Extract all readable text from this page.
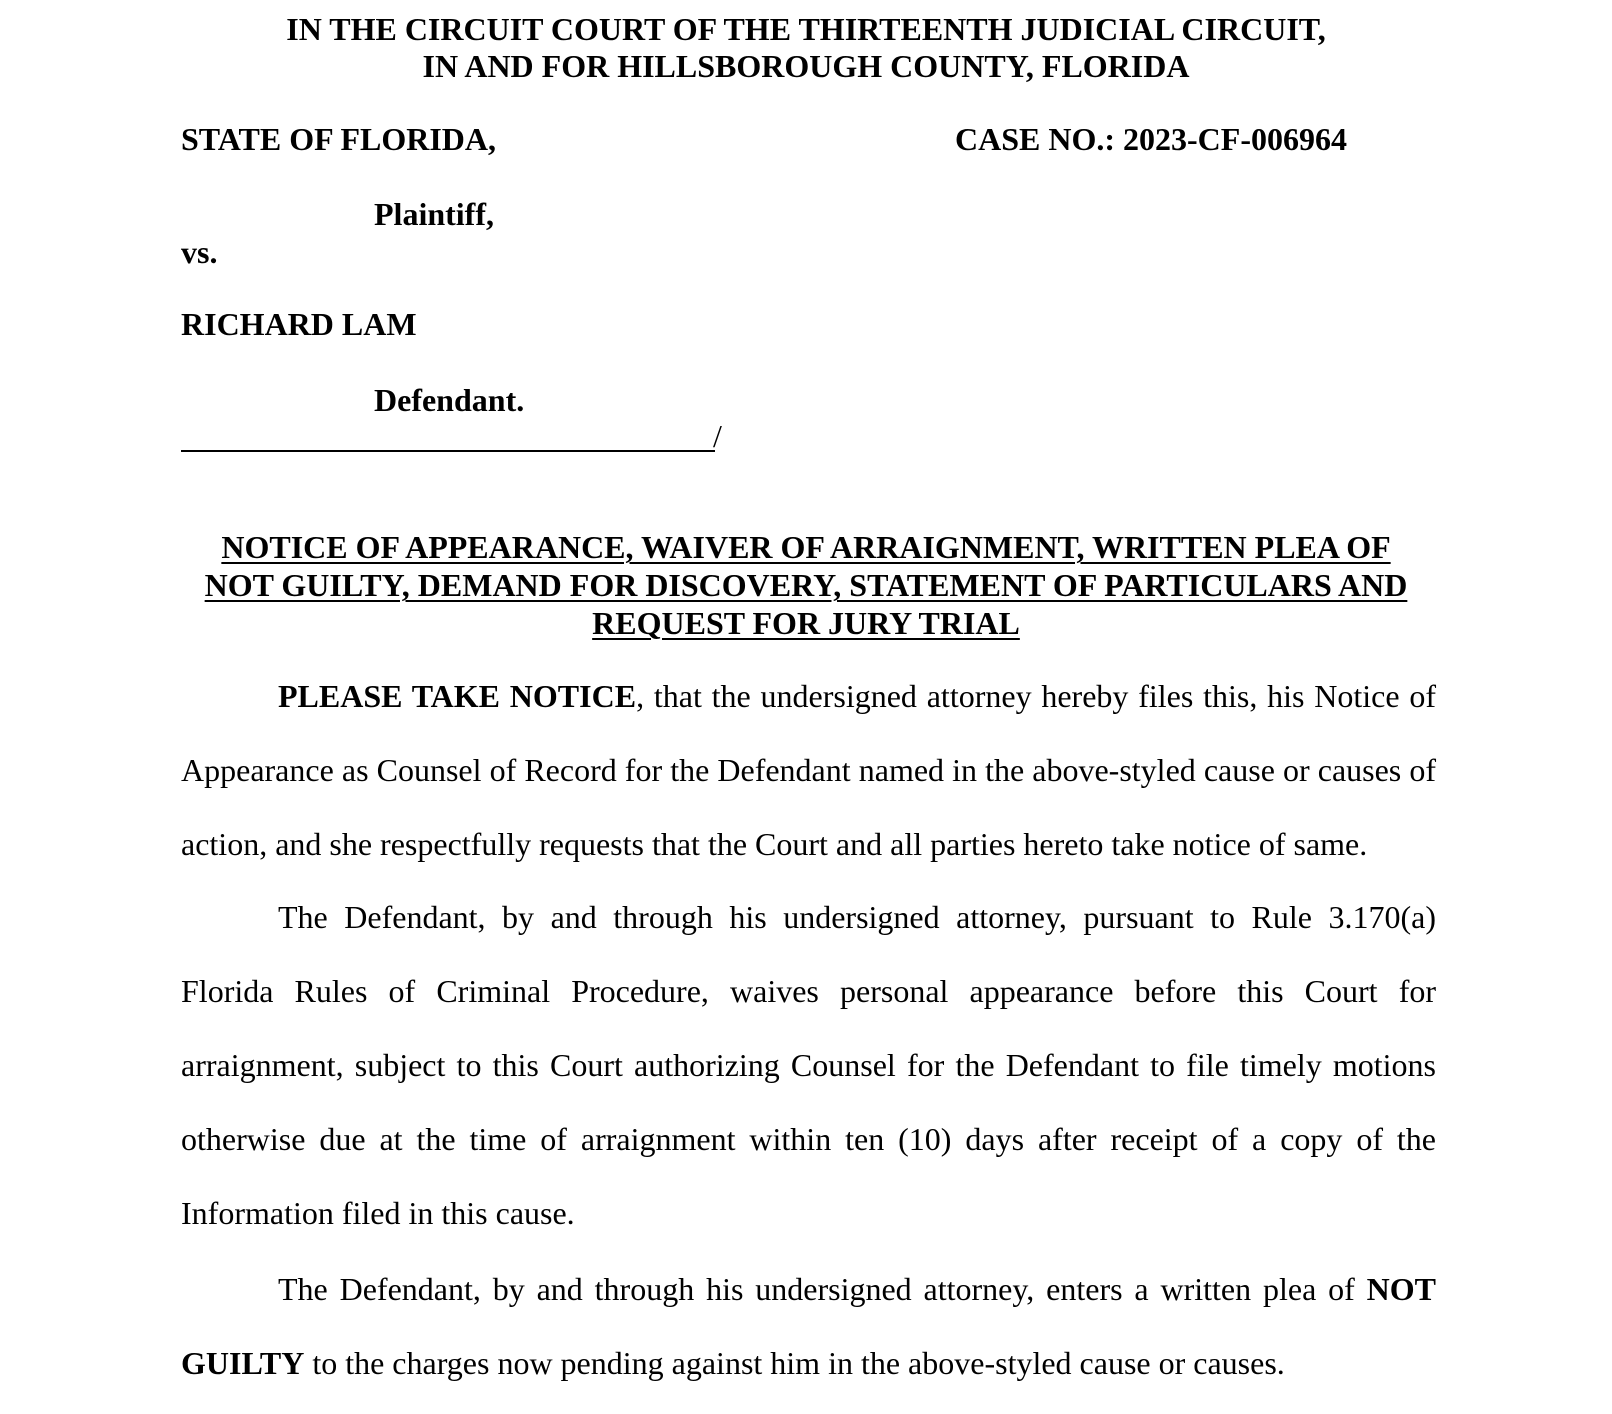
IN THE CIRCUIT COURT OF THE THIRTEENTH JUDICIAL CIRCUIT,

IN AND FOR HILLSBOROUGH COUNTY, FLORIDA

STATE OF FLORIDA,	CASE NO.: 2023-CF-006964

Plaintiff,

vs.

RICHARD LAM

Defendant.

/

NOTICE OF APPEARANCE, WAIVER OF ARRAIGNMENT, WRITTEN PLEA OF
NOT GUILTY, DEMAND FOR DISCOVERY, STATEMENT OF PARTICULARS AND
REQUEST FOR JURY TRIAL

PLEASE TAKE NOTICE, that the undersigned attorney hereby files this, his Notice of Appearance as Counsel of Record for the Defendant named in the above-styled cause or causes of action, and she respectfully requests that the Court and all parties hereto take notice of same.

The Defendant, by and through his undersigned attorney, pursuant to Rule 3.170(a) Florida Rules of Criminal Procedure, waives personal appearance before this Court for arraignment, subject to this Court authorizing Counsel for the Defendant to file timely motions otherwise due at the time of arraignment within ten (10) days after receipt of a copy of the Information filed in this cause.

The Defendant, by and through his undersigned attorney, enters a written plea of NOT GUILTY to the charges now pending against him in the above-styled cause or causes.
